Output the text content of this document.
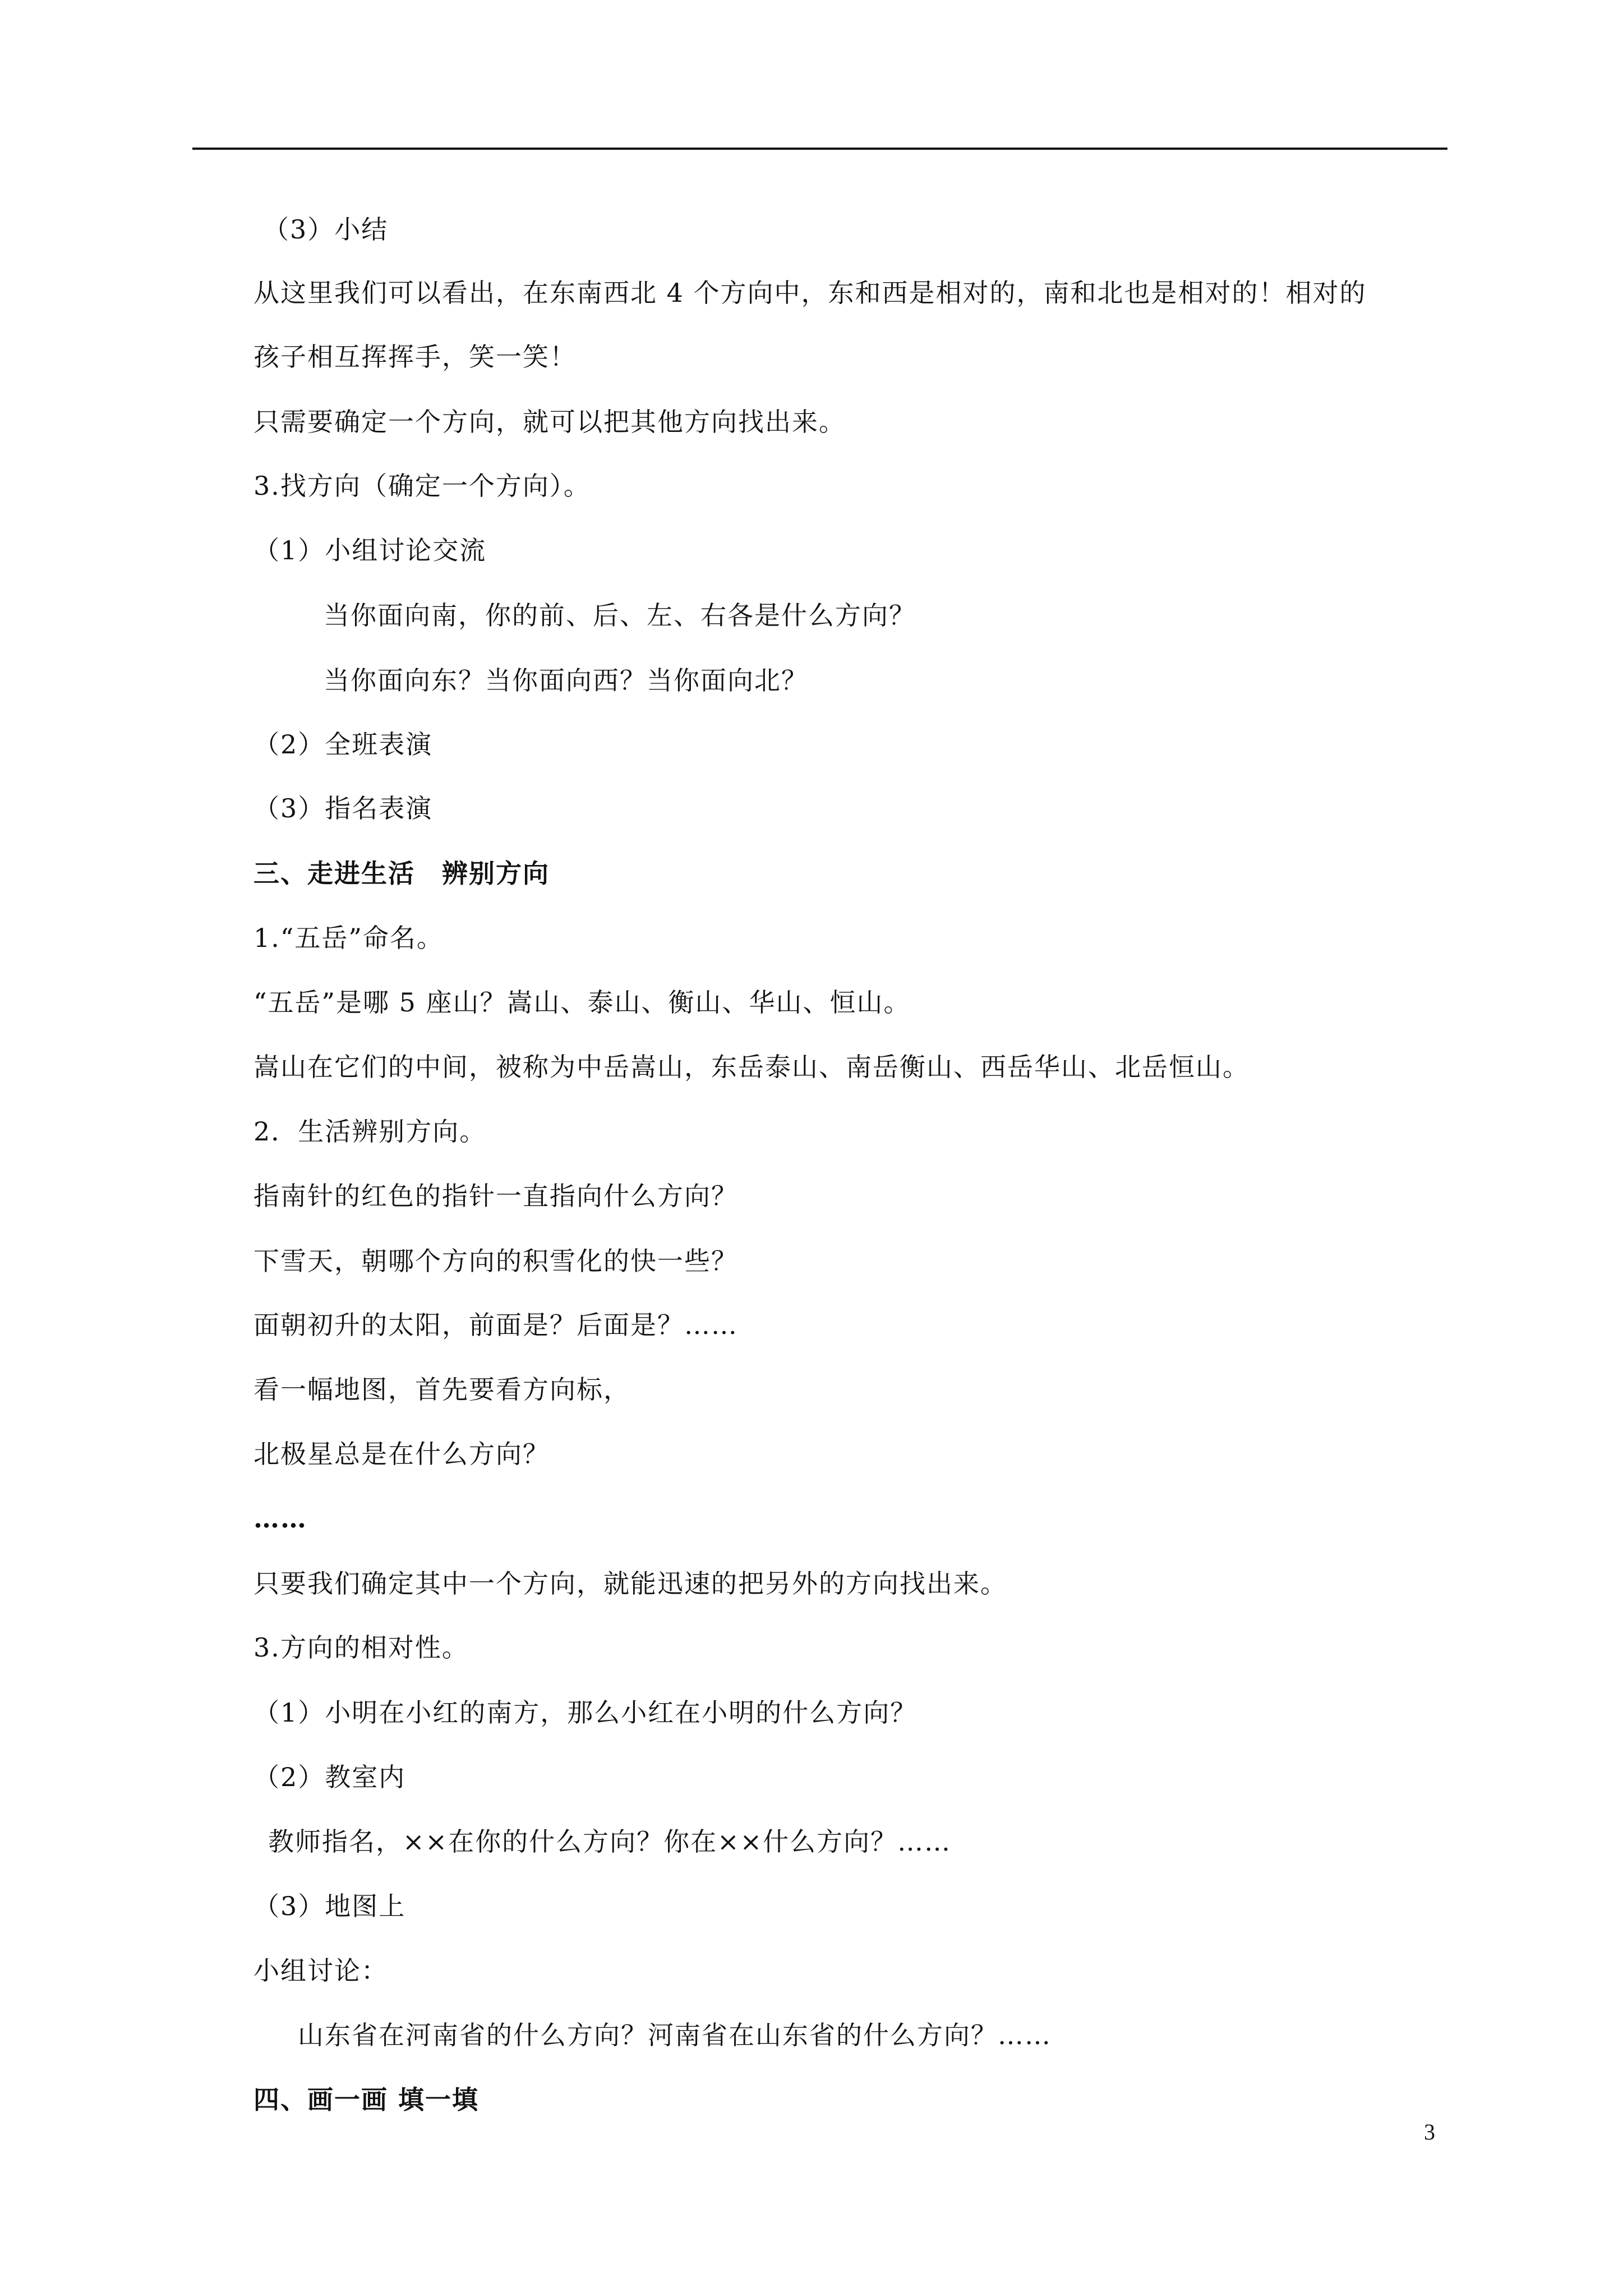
（3）小结
从这里我们可以看出，在东南西北 4 个方向中，东和西是相对的，南和北也是相对的！相对的
孩子相互挥挥手，笑一笑！
只需要确定一个方向，就可以把其他方向找出来。
3.找方向（确定一个方向）。
（1）小组讨论交流
当你面向南，你的前、后、左、右各是什么方向？
当你面向东？当你面向西？当你面向北？
（2）全班表演
（3）指名表演
三、走进生活　辨别方向
1.“五岳”命名。
“五岳”是哪 5 座山？嵩山、泰山、衡山、华山、恒山。
嵩山在它们的中间，被称为中岳嵩山，东岳泰山、南岳衡山、西岳华山、北岳恒山。
2．生活辨别方向。
指南针的红色的指针一直指向什么方向？
下雪天，朝哪个方向的积雪化的快一些？
面朝初升的太阳，前面是？后面是？……
看一幅地图，首先要看方向标，
北极星总是在什么方向？
……
只要我们确定其中一个方向，就能迅速的把另外的方向找出来。
3.方向的相对性。
（1）小明在小红的南方，那么小红在小明的什么方向？
（2）教室内
教师指名，××在你的什么方向？你在××什么方向？……
（3）地图上
小组讨论：
山东省在河南省的什么方向？河南省在山东省的什么方向？……
四、画一画 填一填
3
